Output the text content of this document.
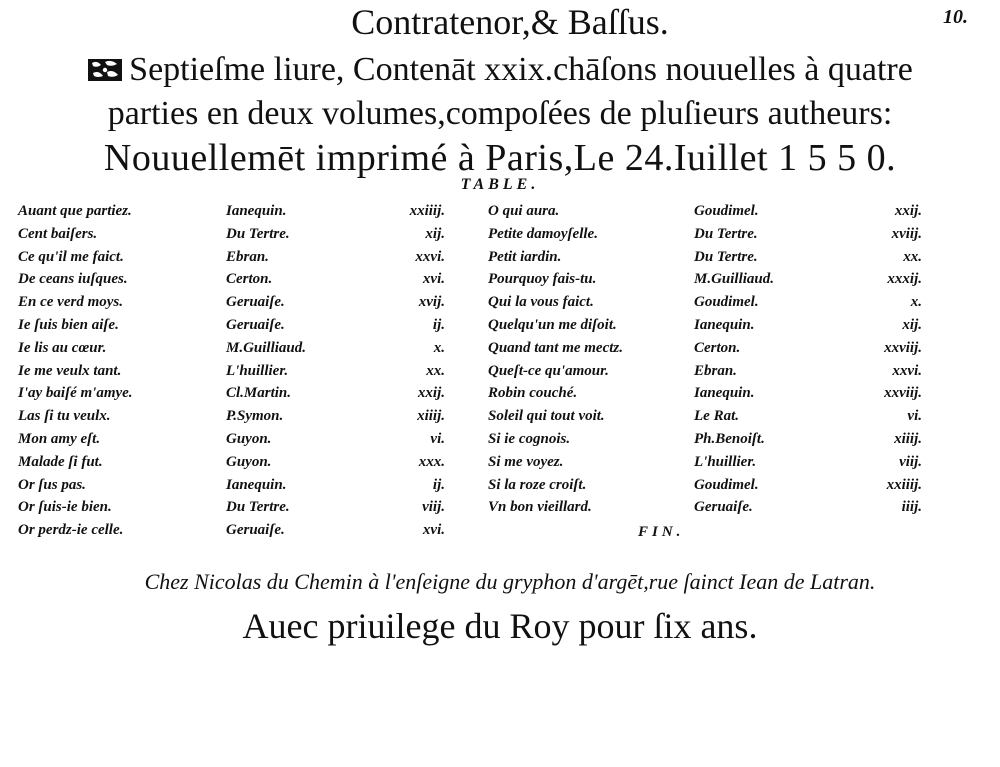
10.
Contratenor,& Baſſus.
Septieſme liure, Contenāt xxix.chāſons nouuelles à quatre
parties en deux volumes,compoſées de pluſieurs autheurs:
Nouuellemēt imprimé à Paris,Le 24.Iuillet 1 5 5 0.
TABLE.
Auant que partiez.
Cent baiſers.
Ce qu'il me faict.
De ceans iuſques.
En ce verd moys.
Ie ſuis bien aiſe.
Ie lis au cœur.
Ie me veulx tant.
I'ay baiſé m'amye.
Las ſi tu veulx.
Mon amy eſt.
Malade ſi fut.
Or ſus pas.
Or ſuis-ie bien.
Or perdz-ie celle.
Ianequin.
Du Tertre.
Ebran.
Certon.
Geruaiſe.
Geruaiſe.
M.Guilliaud.
L'huillier.
Cl.Martin.
P.Symon.
Guyon.
Guyon.
Ianequin.
Du Tertre.
Geruaiſe.
xxiiij.
xij.
xxvi.
xvi.
xvij.
ij.
x.
xx.
xxij.
xiiij.
vi.
xxx.
ij.
viij.
xvi.
O qui aura.
Petite damoyſelle.
Petit iardin.
Pourquoy fais-tu.
Qui la vous faict.
Quelqu'un me diſoit.
Quand tant me mectz.
Queſt-ce qu'amour.
Robin couché.
Soleil qui tout voit.
Si ie cognois.
Si me voyez.
Si la roze croiſt.
Vn bon vieillard.
Goudimel.
Du Tertre.
Du Tertre.
M.Guilliaud.
Goudimel.
Ianequin.
Certon.
Ebran.
Ianequin.
Le Rat.
Ph.Benoiſt.
L'huillier.
Goudimel.
Geruaiſe.
xxij.
xviij.
xx.
xxxij.
x.
xij.
xxviij.
xxvi.
xxviij.
vi.
xiiij.
viij.
xxiiij.
iiij.
FIN.
Chez Nicolas du Chemin à l'enſeigne du gryphon d'argēt,rue ſainct Iean de Latran.
Auec priuilege du Roy pour ſix ans.
